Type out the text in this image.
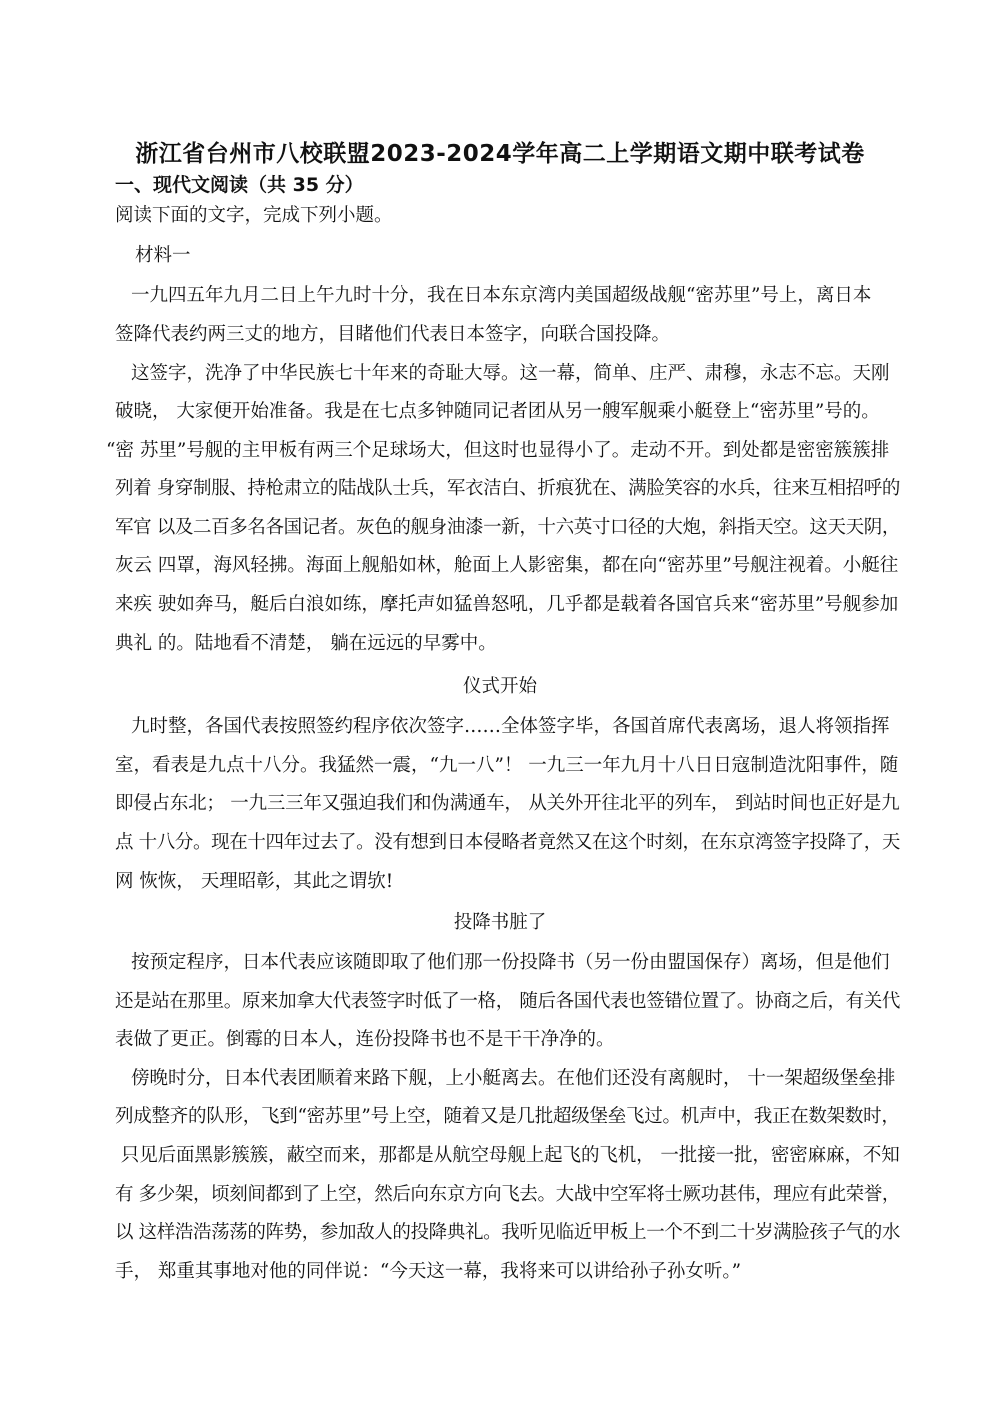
浙江省台州市八校联盟2023-2024学年高二上学期语文期中联考试卷
一、现代文阅读（共 35 分）
阅读下面的文字，完成下列小题。
材料一
一九四五年九月二日上午九时十分，我在日本东京湾内美国超级战舰“密苏里”号上，离日本
签降代表约两三丈的地方，目睹他们代表日本签字，向联合国投降。
这签字，洗净了中华民族七十年来的奇耻大辱。这一幕，简单、庄严、肃穆，永志不忘。天刚
破晓， 大家便开始准备。我是在七点多钟随同记者团从另一艘军舰乘小艇登上“密苏里”号的。
“密 苏里”号舰的主甲板有两三个足球场大，但这时也显得小了。走动不开。到处都是密密簇簇排
列着 身穿制服、持枪肃立的陆战队士兵，军衣洁白、折痕犹在、满脸笑容的水兵，往来互相招呼的
军官 以及二百多名各国记者。灰色的舰身油漆一新，十六英寸口径的大炮，斜指天空。这天天阴，
灰云 四罩，海风轻拂。海面上舰船如林，舱面上人影密集，都在向“密苏里”号舰注视着。小艇往
来疾 驶如奔马，艇后白浪如练，摩托声如猛兽怒吼，几乎都是载着各国官兵来“密苏里”号舰参加
典礼 的。陆地看不清楚， 躺在远远的早雾中。
仪式开始
九时整，各国代表按照签约程序依次签字……全体签字毕，各国首席代表离场，退人将领指挥
室，看表是九点十八分。我猛然一震，“九一八”！ 一九三一年九月十八日日寇制造沈阳事件，随
即侵占东北； 一九三三年又强迫我们和伪满通车， 从关外开往北平的列车， 到站时间也正好是九
点 十八分。现在十四年过去了。没有想到日本侵略者竟然又在这个时刻，在东京湾签字投降了，天
网 恢恢， 天理昭彰，其此之谓欤!
投降书脏了
按预定程序，日本代表应该随即取了他们那一份投降书（另一份由盟国保存）离场，但是他们
还是站在那里。原来加拿大代表签字时低了一格， 随后各国代表也签错位置了。协商之后，有关代
表做了更正。倒霉的日本人，连份投降书也不是干干净净的。
傍晚时分，日本代表团顺着来路下舰，上小艇离去。在他们还没有离舰时， 十一架超级堡垒排
列成整齐的队形，飞到“密苏里”号上空，随着又是几批超级堡垒飞过。机声中，我正在数架数时，
只见后面黑影簇簇，蔽空而来，那都是从航空母舰上起飞的飞机， 一批接一批，密密麻麻，不知
有 多少架，顷刻间都到了上空，然后向东京方向飞去。大战中空军将士厥功甚伟，理应有此荣誉，
以 这样浩浩荡荡的阵势，参加敌人的投降典礼。我听见临近甲板上一个不到二十岁满脸孩子气的水
手， 郑重其事地对他的同伴说：“今天这一幕，我将来可以讲给孙子孙女听。”
